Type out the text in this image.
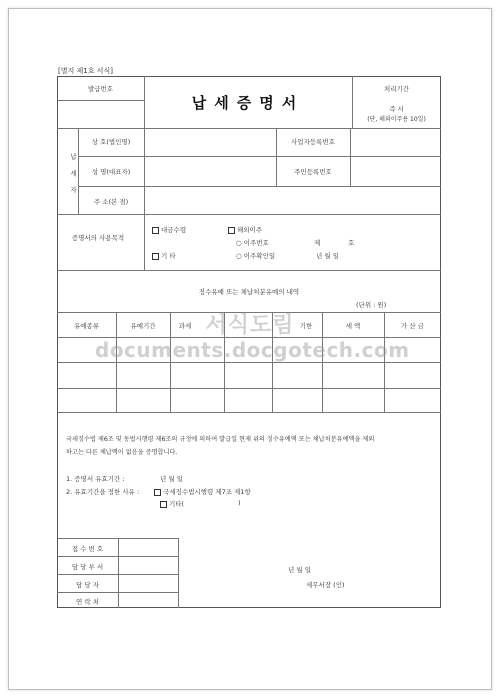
[별지 제1호 서식]
발급번호
납세증명서
처리기간
즉 시
(단, 해외이주용 10일)
납 세 자
상 호(법인명)	사업자등록번호
성 명(대표자)	주민등록번호
주 소(본 점)
증명서의 사용목적
대금수령	해외이주
○ 이주번호	제	호
○ 이주확인일	년 월 일
기 타
징수유예 또는 체납처분유예의 내역
(단위 : 원)
유예종류	유예기간	과세	기한	세 액	가 산 금
서식도림
documents.docgotech.com
국세징수법 제6조 및 동법시행령 제6조의 규정에 의하여 발급일 현재 위의 징수유예액 또는 체납처분유예액을 제외
하고는 다른 체납액이 없음을 증명합니다.
1. 증명서 유효기간 :	년 월 일
2. 유효기간을 정한 사유 :	국세징수법시행령 제7조 제1항
기타(	)
접 수 번 호
담 당 부 서
담 당 자
연 락 처
년 월 일
세무서장 (인)
